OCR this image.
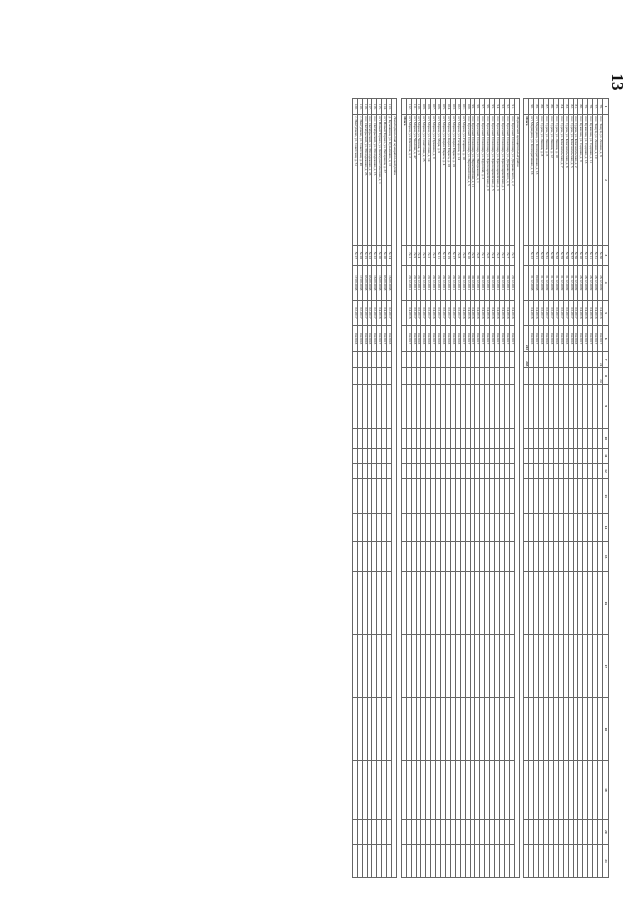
13
1	2	3	4	5	6	7	8	9	10	11	12	13	14	15	16	17	18	19	20	21
76.	пос. Тимуй, ул. Ленина, д. 8	№ 30	28.12.2009	04.2016	04.2017	24	24													
77.	пос. Тимуй, ул. Ленина, д. 10	№ 31	28.12.2009	04.2016	04.2017															
78.	пос. Кукшлин, ул. Садовая, д. 11	№ 11	28.12.2009	04.2016	04.2017															
79.	пос. Кукшлин, ул. Садовая, д. 13	№ 12	28.12.2009	04.2016	04.2017															
80.	пос. Кукшлин, ул. Садовая, д. 9	№ 10	28.12.2009	04.2016	04.2017															
81.	пос. Суров, ул. Комсомольская, д. 2	№ 56	31.12.2009	03.2017	04.2018															
82.	пос. Суров, ул. Комсомольская, д. 5	№ 57	31.12.2009	03.2017	04.2018															
83.	пос. Суров, ул. Комсомольская, д. 6	№ 58	31.12.2009	03.2017	04.2018															
84.	пос. Суров, ул. Комсомольская, д. 7	№ 59	31.12.2009	03.2017	04.2018															
85.	пос. Суров, ул. Ленина, д. 10	№ 63	31.12.2009	03.2017	04.2018															
86.	пос. Суров, ул. Ленина, д. 12	№ 60	31.12.2009	03.2017	04.2018															
87.	пос. Суров, ул. Ленина, д. 6	№ 61	31.12.2009	03.2017	04.2018															
88.	пос. Суров, ул. Ленина, д. 8	№ 62	31.12.2009	03.2017	04.2018															
89.	пгт Медведево, ул. Кооперативная, д. 13	№ 21	09.09.2008	04.2016	04.2017															
90.	пгт Медведево, ул. Кооперативная, д. 16	№ 22	31.12.2008	04.2016	04.2016															
	Итого				243	243														

	Моркинский муниципальный район																			
91.	пос. Красный Стекловар, ул. Дзержинского, д. 2	№ 5	29.12.2011	04.2016	04.2017															
92.	пос. Красный Стекловар, ул. Дзержинского, д. 6	№ 7	30.12.2011	04.2016	04.2017															
93.	пос. Красный Стекловар, ул. Красноармейская, д. 1	№ 2	30.12.2011	04.2016	04.2017															
94.	пос. Красный Стекловар, ул. Красноармейская, д. 3	№ 3	30.12.2011	04.2016	04.2017															
95.	пос. Красный Стекловар, ул. Красноармейская, д. 5	№ 4	30.12.2011	04.2016	04.2017															
96.	пос. Красный Стекловар, ул. Красноармейская, д. 9	№ 6	30.12.2011	04.2016	04.2017															
97.	пос. Красный Стекловар, ул. Крупской, д. 2	№ 1	30.12.2011	04.2016	04.2017															
98.	пос. Красный Стекловар, ул. Набережная, д. 1	№ 8	30.12.2011	04.2016	04.2017															
99.	пос. Красный Стекловар, ул. Первомайская, д. 11	№ 9	30.12.2011	04.2016	04.2017															
100.	пос. Красный Стекловар, ул. Первомайская, д. 5	№ 10	30.12.2011	04.2016	04.2017															
101.	пгт Морки, ул. Гагарина, д. 10	№ 6	30.12.2011	04.2016	04.2017															
102.	пгт Морки, ул. Гагарина, д. 14	№ 8	29.12.2011	03.2017	04.2018															
103.	пгт Морки, ул. Карла Маркса, д. 16	№ 17	29.12.2011	03.2017	04.2018															
104.	пгт Морки, ул. Карла Маркса, д. 18	№ 19	29.12.2011	03.2017	04.2018															
105.	пгт Морки, ул. Карла Маркса, д. 4	№ 12	29.12.2011	03.2017	04.2018															
106.	пгт Морки, ул. Мира, д. 6	№ 11	29.12.2011	03.2017	04.2018															
107.	пгт Морки, ул. Пушкина, д. 9	№ 3	29.12.2011	04.2016	04.2017															
108.	пгт Морки, ул. Советская, д. 14	№ 2	29.12.2011	03.2017	04.2018															
109.	пгт Морки, ул. Советская, д. 25	№ 5	29.12.2011	03.2017	04.2018															
110.	пгт Морки, ул. Чехова, д. 5	№ 4	29.12.2011	03.2017	04.2018															
111.	пгт Морки, ул. Чкалова, д. 47	№ 9	29.12.2011	03.2017	04.2018															
112.	пгт Морки, ул. Шахтная, д. 2	№ 1	29.12.2011	04.2016	04.2017															
	Итого																			

	Новоторъяльский муниципальный район																			
113.	д. Кузьминки, ул. Кузьминки, д. 11	№ 24	16.09.2008	02.2017	04.2018															
114.	пгт Новый Торъял, ул. Ветеранов, д. 37	№ 20	03.09.2008	04.2016	04.2017															
115.	пгт Новый Торъял, ул. Коммунистическая, д. 1	№ 20	16.09.2008	04.2016	04.2017															
116.	пос. Октябрьский, ул. Молодежная, д. 15	№ 22	16.09.2008	02.2017	04.2018															
117.	пос. Октябрьский, ул. Молодежная, д. 23	№ 23	03.09.2008	02.2017	04.2018															
118.	пос. Октябрьский, ул. Молодежная, д. 25	№ 25	03.09.2008	02.2017	04.2018															
119.	с. Пектубаево, ул. Советская, д. 46	№ 28	17.09.2008	02.2017	04.2018															
120.	с. Пектубаево, ул. Советская, д. 51	№ 27	17.09.2008	02.2017	04.2018															
